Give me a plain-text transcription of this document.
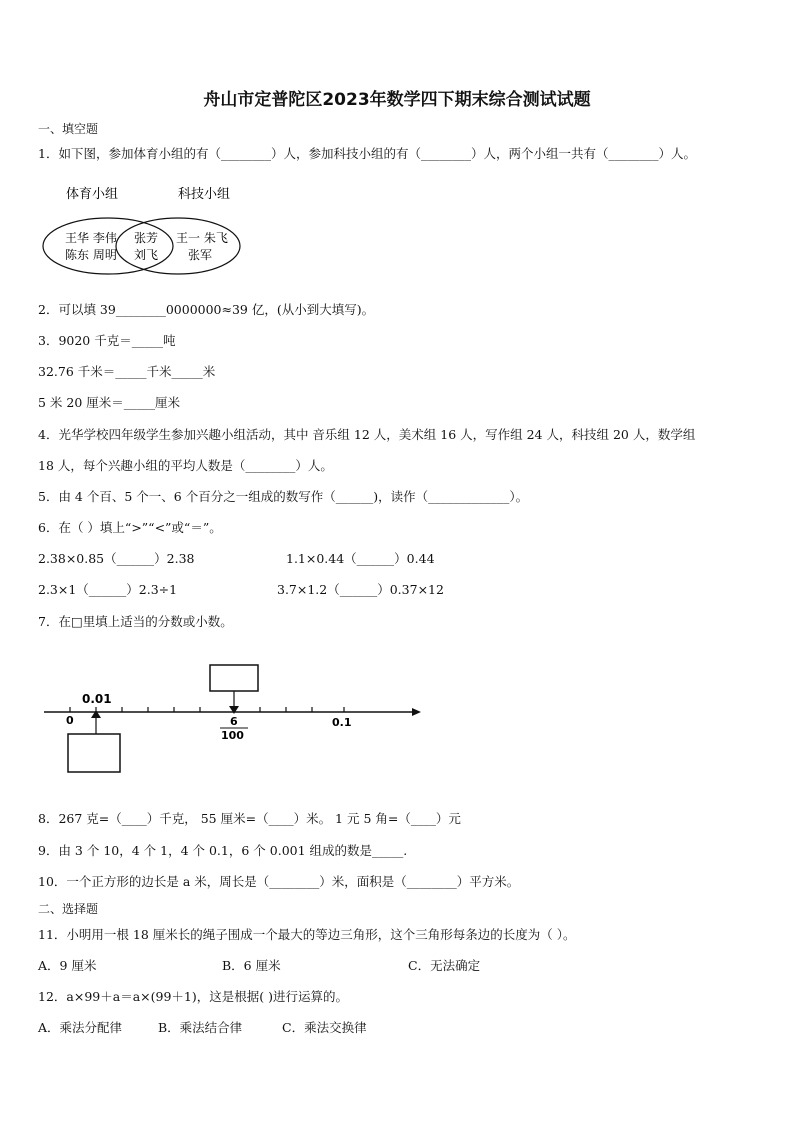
舟山市定普陀区2023年数学四下期末综合测试试题
一、填空题
1．如下图，参加体育小组的有（________）人，参加科技小组的有（________）人，两个小组一共有（________）人。
体育小组	科技小组
王华 李伟
陈东 周明
张芳
刘飞
王一 朱飞
张军
2．可以填 39________0000000≈39 亿，(从小到大填写)。
3．9020 千克＝_____吨
32.76 千米＝_____千米_____米
5 米 20 厘米＝_____厘米
4．光华学校四年级学生参加兴趣小组活动，其中 音乐组 12 人，美术组 16 人，写作组 24 人，科技组 20 人，数学组
18 人，每个兴趣小组的平均人数是（________）人。
5．由 4 个百、5 个一、6 个百分之一组成的数写作（______)，读作（_____________）。
6．在（ ）填上“>”“<”或“＝”。
2.38×0.85（______）2.38	1.1×0.44（______）0.44
2.3×1（______）2.3÷1	3.7×1.2（______）0.37×12
7．在□里填上适当的分数或小数。
0.01
0	6
100
0.1
8．267 克=（____）千克， 55 厘米=（____）米。 1 元 5 角=（____）元
9．由 3 个 10，4 个 1，4 个 0.1，6 个 0.001 组成的数是_____.
10．一个正方形的边长是 a 米，周长是（________）米，面积是（________）平方米。
二、选择题
11．小明用一根 18 厘米长的绳子围成一个最大的等边三角形，这个三角形每条边的长度为（ ）。
A．9 厘米	B．6 厘米	C．无法确定
12．a×99＋a＝a×(99＋1)，这是根据( )进行运算的。
A．乘法分配律	B．乘法结合律	C．乘法交换律
